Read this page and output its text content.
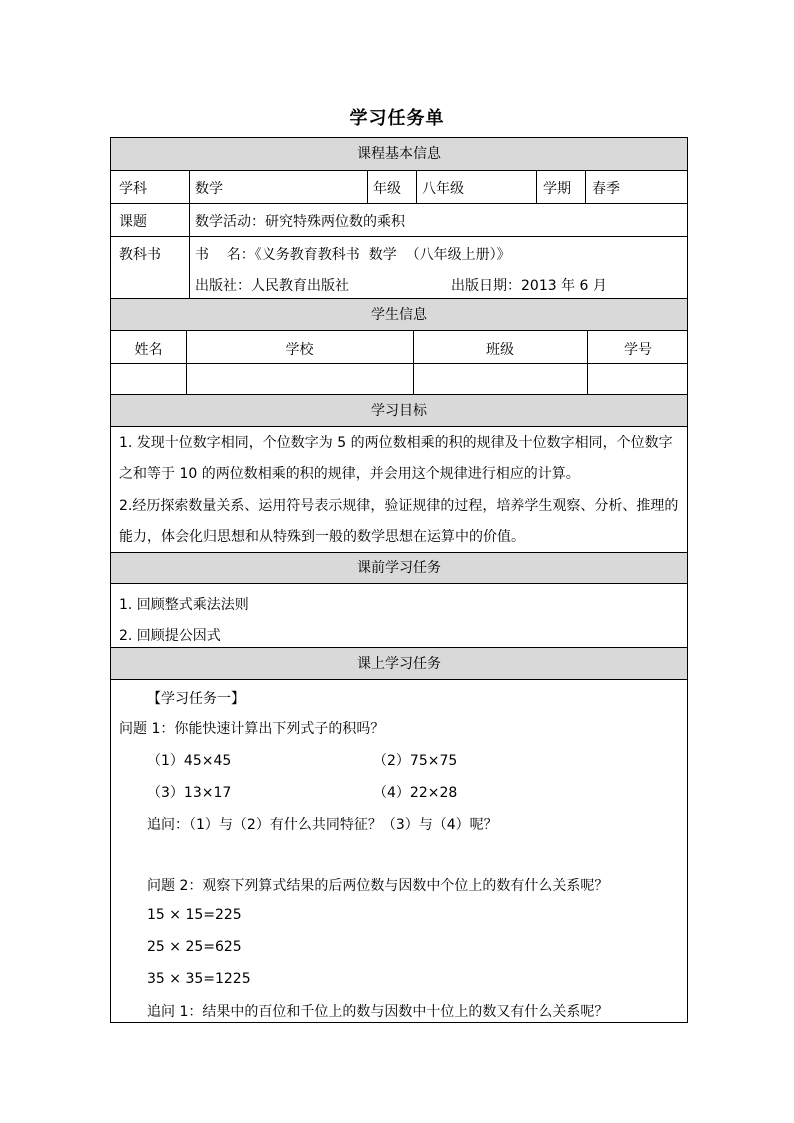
学习任务单
课程基本信息
学科	数学	年级 八年级	学期 春季
课题	数学活动：研究特殊两位数的乘积
教科书 书    名：《义务教育教科书  数学  （八年级上册）》
出版社：人民教育出版社	出版日期：2013 年 6 月
学生信息
姓名	学校	班级	学号
学习目标
1. 发现十位数字相同，个位数字为 5 的两位数相乘的积的规律及十位数字相同，个位数字之和等于 10 的两位数相乘的积的规律，并会用这个规律进行相应的计算。
2.经历探索数量关系、运用符号表示规律，验证规律的过程，培养学生观察、分析、推理的能力，体会化归思想和从特殊到一般的数学思想在运算中的价值。
课前学习任务
1. 回顾整式乘法法则
2. 回顾提公因式
课上学习任务
【学习任务一】
问题 1：你能快速计算出下列式子的积吗？
（1）45×45	（2）75×75
（3）13×17	（4）22×28
追问：（1）与（2）有什么共同特征？（3）与（4）呢？
问题 2：观察下列算式结果的后两位数与因数中个位上的数有什么关系呢？
15 × 15=225
25 × 25=625
35 × 35=1225
追问 1：结果中的百位和千位上的数与因数中十位上的数又有什么关系呢？
